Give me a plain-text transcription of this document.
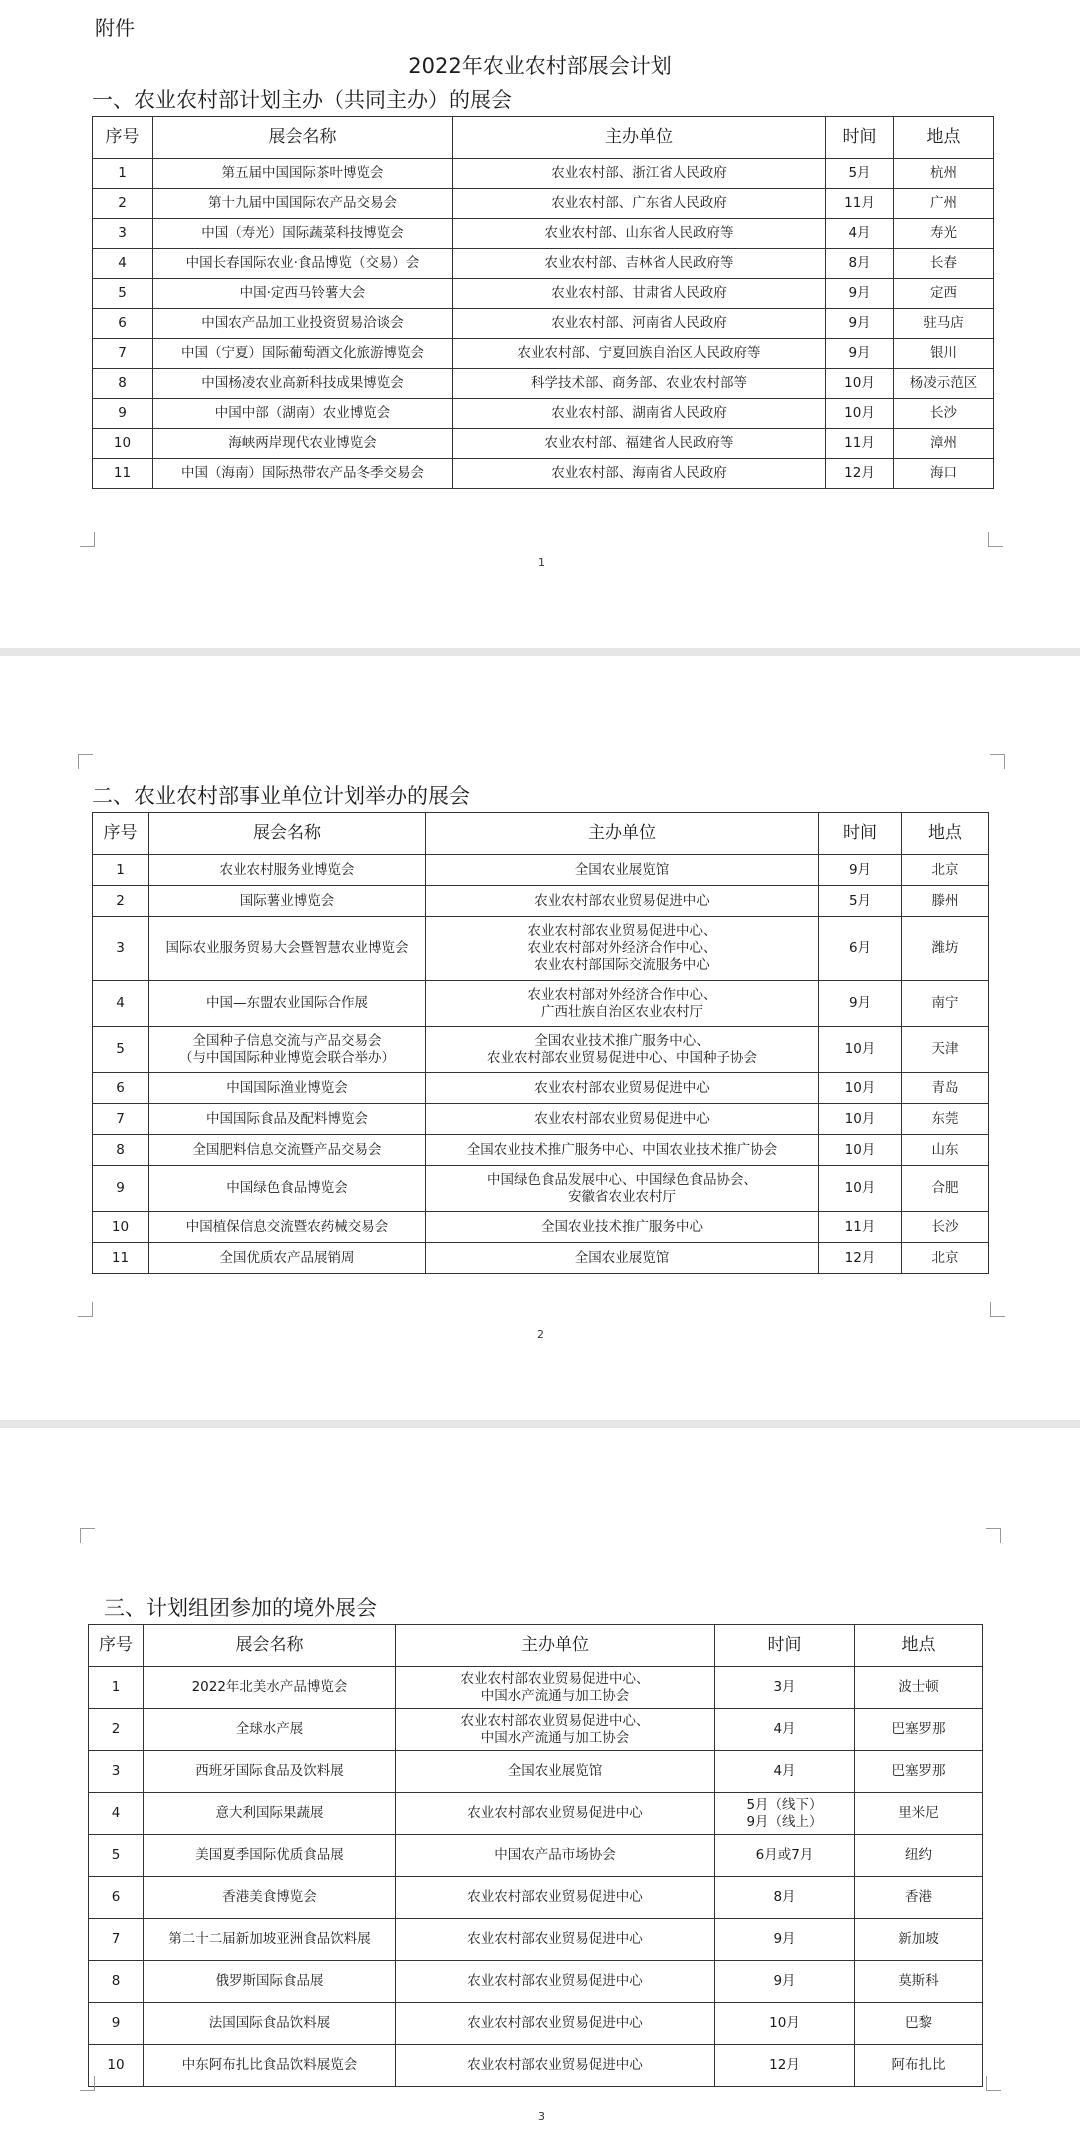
附件
2022年农业农村部展会计划
一、农业农村部计划主办（共同主办）的展会
序号	展会名称	主办单位	时间	地点
1	第五届中国国际茶叶博览会	农业农村部、浙江省人民政府	5月	杭州
2	第十九届中国国际农产品交易会	农业农村部、广东省人民政府	11月	广州
3	中国（寿光）国际蔬菜科技博览会	农业农村部、山东省人民政府等	4月	寿光
4	中国长春国际农业·食品博览（交易）会	农业农村部、吉林省人民政府等	8月	长春
5	中国·定西马铃薯大会	农业农村部、甘肃省人民政府	9月	定西
6	中国农产品加工业投资贸易洽谈会	农业农村部、河南省人民政府	9月	驻马店
7	中国（宁夏）国际葡萄酒文化旅游博览会	农业农村部、宁夏回族自治区人民政府等	9月	银川
8	中国杨凌农业高新科技成果博览会	科学技术部、商务部、农业农村部等	10月	杨凌示范区
9	中国中部（湖南）农业博览会	农业农村部、湖南省人民政府	10月	长沙
10	海峡两岸现代农业博览会	农业农村部、福建省人民政府等	11月	漳州
11	中国（海南）国际热带农产品冬季交易会	农业农村部、海南省人民政府	12月	海口
1
二、农业农村部事业单位计划举办的展会
序号	展会名称	主办单位	时间	地点
1	农业农村服务业博览会	全国农业展览馆	9月	北京
2	国际薯业博览会	农业农村部农业贸易促进中心	5月	滕州
3	国际农业服务贸易大会暨智慧农业博览会	农业农村部农业贸易促进中心、
农业农村部对外经济合作中心、
农业农村部国际交流服务中心	6月	潍坊
4	中国—东盟农业国际合作展	农业农村部对外经济合作中心、
广西壮族自治区农业农村厅	9月	南宁
5	全国种子信息交流与产品交易会
（与中国国际种业博览会联合举办）	全国农业技术推广服务中心、
农业农村部农业贸易促进中心、中国种子协会	10月	天津
6	中国国际渔业博览会	农业农村部农业贸易促进中心	10月	青岛
7	中国国际食品及配料博览会	农业农村部农业贸易促进中心	10月	东莞
8	全国肥料信息交流暨产品交易会	全国农业技术推广服务中心、中国农业技术推广协会	10月	山东
9	中国绿色食品博览会	中国绿色食品发展中心、中国绿色食品协会、
安徽省农业农村厅	10月	合肥
10	中国植保信息交流暨农药械交易会	全国农业技术推广服务中心	11月	长沙
11	全国优质农产品展销周	全国农业展览馆	12月	北京
2
三、计划组团参加的境外展会
序号	展会名称	主办单位	时间	地点
1	2022年北美水产品博览会	农业农村部农业贸易促进中心、
中国水产流通与加工协会	3月	波士顿
2	全球水产展	农业农村部农业贸易促进中心、
中国水产流通与加工协会	4月	巴塞罗那
3	西班牙国际食品及饮料展	全国农业展览馆	4月	巴塞罗那
4	意大利国际果蔬展	农业农村部农业贸易促进中心	5月（线下）
9月（线上）	里米尼
5	美国夏季国际优质食品展	中国农产品市场协会	6月或7月	纽约
6	香港美食博览会	农业农村部农业贸易促进中心	8月	香港
7	第二十二届新加坡亚洲食品饮料展	农业农村部农业贸易促进中心	9月	新加坡
8	俄罗斯国际食品展	农业农村部农业贸易促进中心	9月	莫斯科
9	法国国际食品饮料展	农业农村部农业贸易促进中心	10月	巴黎
10	中东阿布扎比食品饮料展览会	农业农村部农业贸易促进中心	12月	阿布扎比
3
